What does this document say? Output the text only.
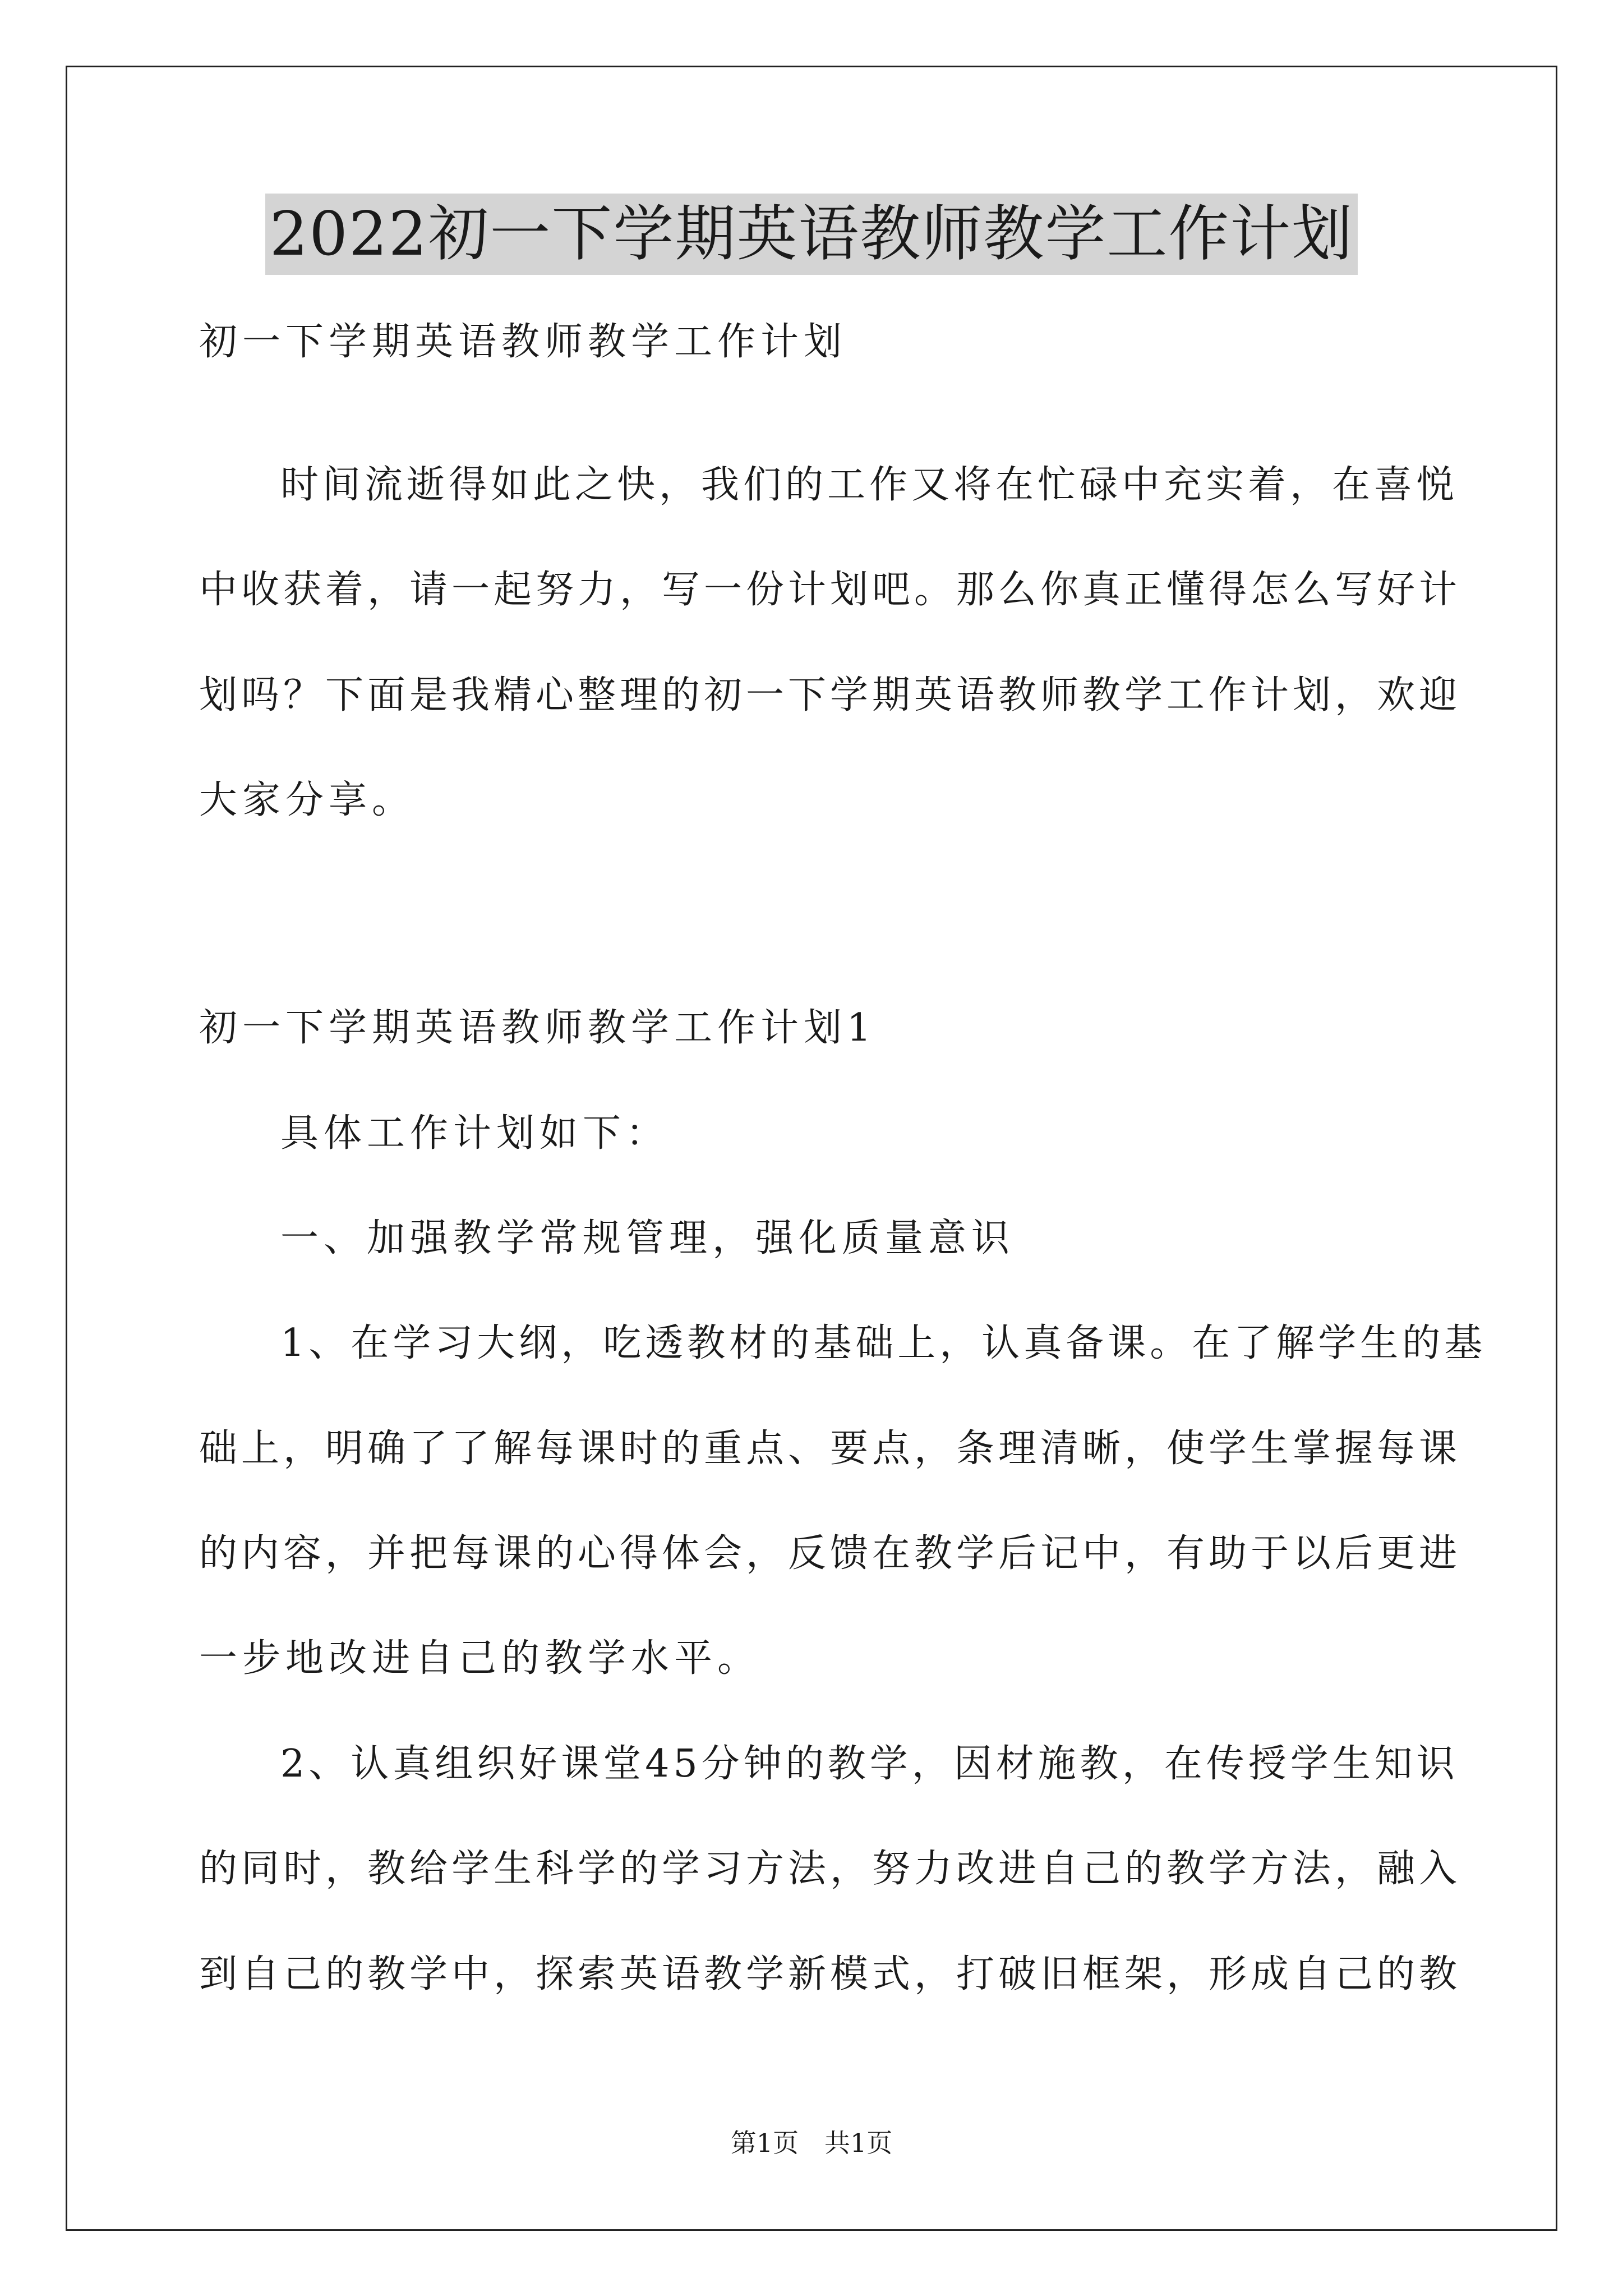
2022初一下学期英语教师教学工作计划
初一下学期英语教师教学工作计划
时间流逝得如此之快，我们的工作又将在忙碌中充实着，在喜悦
中收获着，请一起努力，写一份计划吧。那么你真正懂得怎么写好计
划吗？下面是我精心整理的初一下学期英语教师教学工作计划，欢迎
大家分享。
初一下学期英语教师教学工作计划1
具体工作计划如下：
一、加强教学常规管理，强化质量意识
1、在学习大纲，吃透教材的基础上，认真备课。在了解学生的基
础上，明确了了解每课时的重点、要点，条理清晰，使学生掌握每课
的内容，并把每课的心得体会，反馈在教学后记中，有助于以后更进
一步地改进自己的教学水平。
2、认真组织好课堂45分钟的教学，因材施教，在传授学生知识
的同时，教给学生科学的学习方法，努力改进自己的教学方法，融入
到自己的教学中，探索英语教学新模式，打破旧框架，形成自己的教
第1页　共1页
